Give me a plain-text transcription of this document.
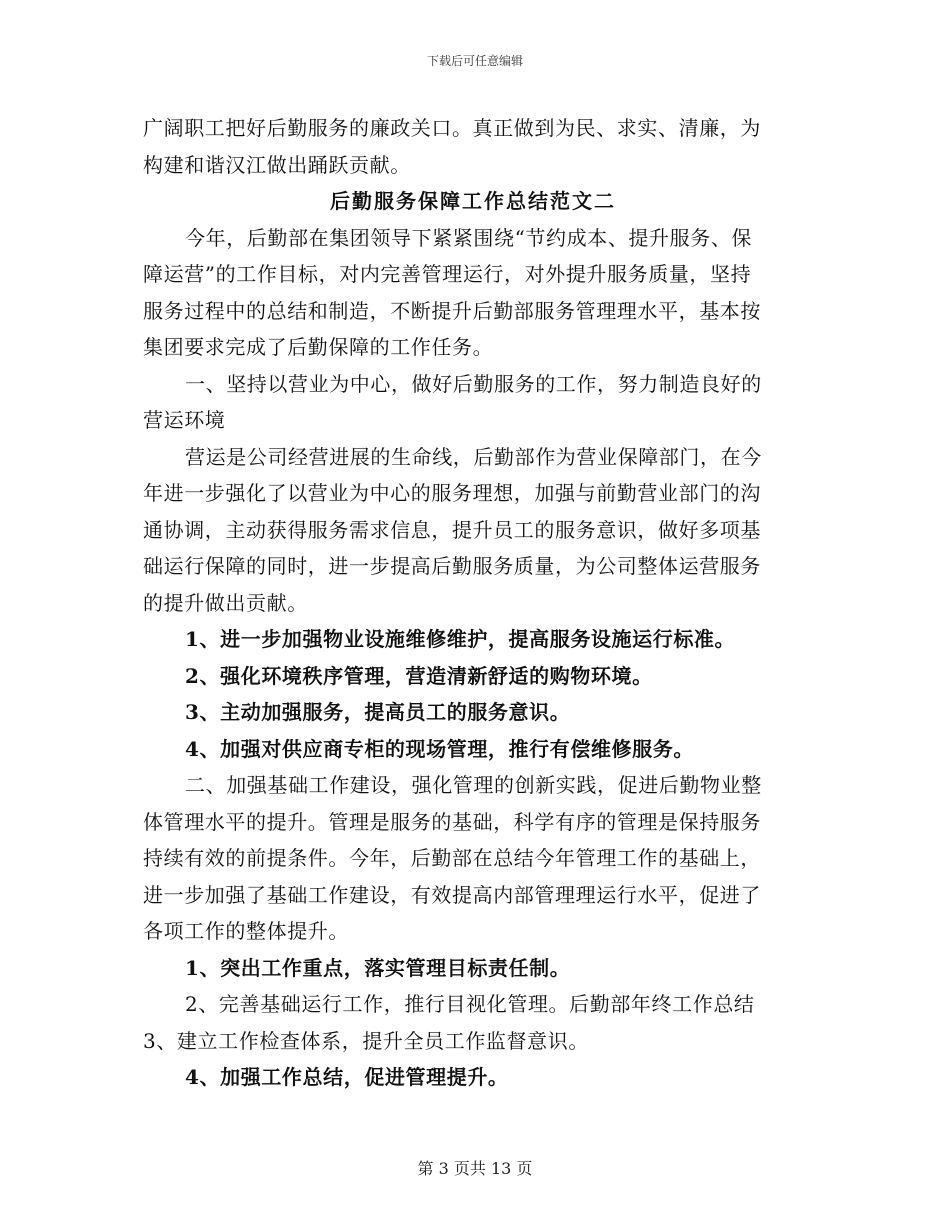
下载后可任意编辑

广阔职工把好后勤服务的廉政关口。真正做到为民、求实、清廉，为

构建和谐汉江做出踊跃贡献。

后勤服务保障工作总结范文二

今年，后勤部在集团领导下紧紧围绕“节约成本、提升服务、保

障运营”的工作目标，对内完善管理运行，对外提升服务质量，坚持

服务过程中的总结和制造，不断提升后勤部服务管理理水平，基本按

集团要求完成了后勤保障的工作任务。

一、坚持以营业为中心，做好后勤服务的工作，努力制造良好的

营运环境

营运是公司经营进展的生命线，后勤部作为营业保障部门，在今

年进一步强化了以营业为中心的服务理想，加强与前勤营业部门的沟

通协调，主动获得服务需求信息，提升员工的服务意识，做好多项基

础运行保障的同时，进一步提高后勤服务质量，为公司整体运营服务

的提升做出贡献。

1、进一步加强物业设施维修维护，提高服务设施运行标准。

2、强化环境秩序管理，营造清新舒适的购物环境。

3、主动加强服务，提高员工的服务意识。

4、加强对供应商专柜的现场管理，推行有偿维修服务。

二、加强基础工作建设，强化管理的创新实践，促进后勤物业整

体管理水平的提升。管理是服务的基础，科学有序的管理是保持服务

持续有效的前提条件。今年，后勤部在总结今年管理工作的基础上，

进一步加强了基础工作建设，有效提高内部管理理运行水平，促进了

各项工作的整体提升。

1、突出工作重点，落实管理目标责任制。

2、完善基础运行工作，推行目视化管理。后勤部年终工作总结

3、建立工作检查体系，提升全员工作监督意识。

4、加强工作总结，促进管理提升。

第 3 页共 13 页
